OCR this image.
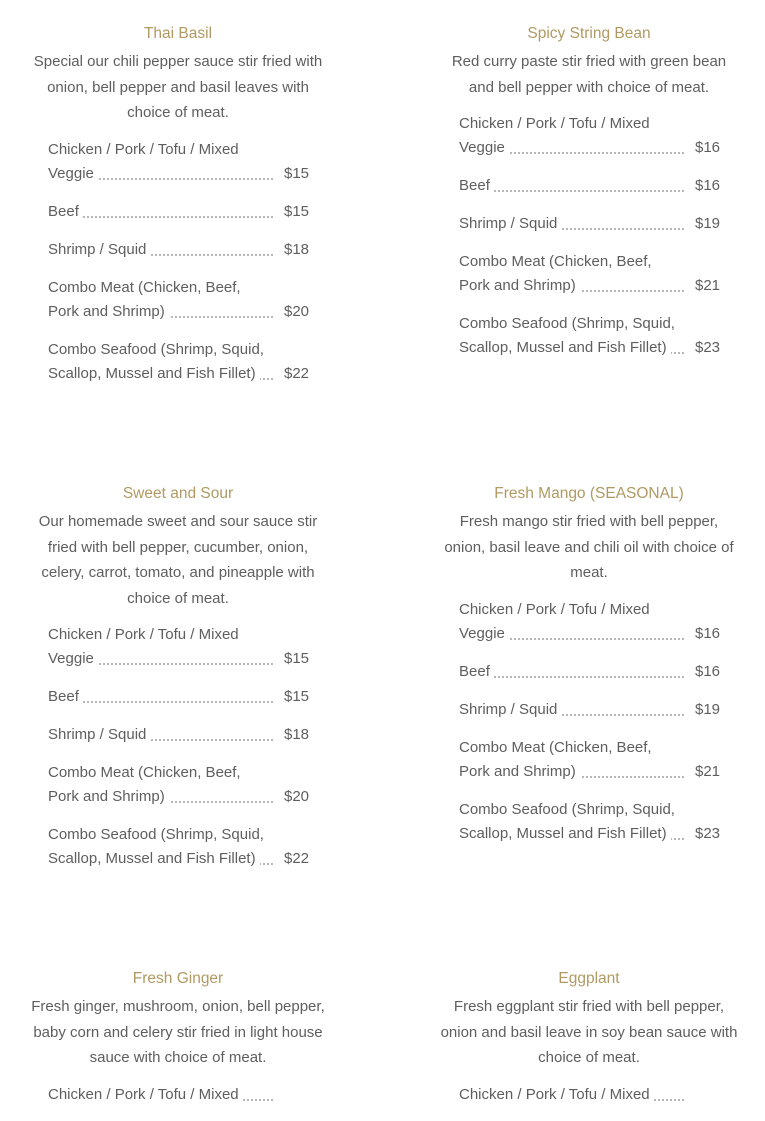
Thai Basil
Special our chili pepper sauce stir fried with onion, bell pepper and basil leaves with choice of meat.
Chicken / Pork / Tofu / Mixed Veggie	$15
Beef	$15
Shrimp / Squid	$18
Combo Meat (Chicken, Beef, Pork and Shrimp)	$20
Combo Seafood (Shrimp, Squid, Scallop, Mussel and Fish Fillet)	$22
Spicy String Bean
Red curry paste stir fried with green bean and bell pepper with choice of meat.
Chicken / Pork / Tofu / Mixed Veggie	$16
Beef	$16
Shrimp / Squid	$19
Combo Meat (Chicken, Beef, Pork and Shrimp)	$21
Combo Seafood (Shrimp, Squid, Scallop, Mussel and Fish Fillet)	$23
Sweet and Sour
Our homemade sweet and sour sauce stir fried with bell pepper, cucumber, onion, celery, carrot, tomato, and pineapple with choice of meat.
Chicken / Pork / Tofu / Mixed Veggie	$15
Beef	$15
Shrimp / Squid	$18
Combo Meat (Chicken, Beef, Pork and Shrimp)	$20
Combo Seafood (Shrimp, Squid, Scallop, Mussel and Fish Fillet)	$22
Fresh Mango (SEASONAL)
Fresh mango stir fried with bell pepper, onion, basil leave and chili oil with choice of meat.
Chicken / Pork / Tofu / Mixed Veggie	$16
Beef	$16
Shrimp / Squid	$19
Combo Meat (Chicken, Beef, Pork and Shrimp)	$21
Combo Seafood (Shrimp, Squid, Scallop, Mussel and Fish Fillet)	$23
Fresh Ginger
Fresh ginger, mushroom, onion, bell pepper, baby corn and celery stir fried in light house sauce with choice of meat.
Chicken / Pork / Tofu / Mixed
Eggplant
Fresh eggplant stir fried with bell pepper, onion and basil leave in soy bean sauce with choice of meat.
Chicken / Pork / Tofu / Mixed
